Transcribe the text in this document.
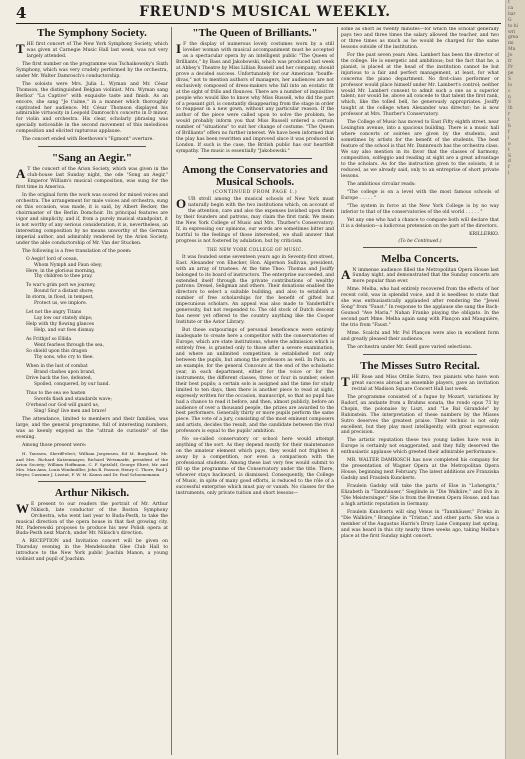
4	FREUND'S MUSICAL WEEKLY.
The Symphony Society.

THE first concert of The New York Symphony Society, which was given at Carnegie Music Hall last week, was not very largely attended.

The first number on the programme was Tschaikowsky's Sixth Symphony, which was very crudely performed by the orchestra, under Mr. Walter Damrosch's conductorship.

The soloists were Mrs. Julia L. Wyman and Mr. César Thomson, the distinguished Belgian violinist. Mrs. Wyman sang Berlioz' "La Captive" with exquisite taste and finish. As an encore, she sang "Je t'aime," in a manner which thoroughly captivated her audience. Mr. César Thomson displayed his admirable virtuosity in Leopold Damrosch's concerto in D minor, for violin and orchestra. His clear, scholarly phrasing was specially noticeable in the second movement of this melodious composition and elicited rapturous applause.

The concert ended with Beethoven's "Egmont" overture.

"Sang an Aegir."

A T the concert of the Arion Society, which was given in the club-house last Sunday night, the ode "Song an Aegir," Emperor William's musical composition, was sung for the first time in America.

In the original form the work was scored for mixed voices and orchestra. The arrangement for male voices and orchestra, sung on this occasion, was made, it is said, by Albert Becker, the choirmaster of the Berlin Domchoir. Its principal features are vigor and simplicity, and if, from a purely musical standpoint, it is not worthy of any serious consideration, it is, nevertheless, an interesting composition by no means unworthy of the German imperial author, and admirably rendered by the Arion Society, under the able conductorship of Mr. Van der Stucken.

The following is a free translation of the poem:

O Aegir! lord of ocean,
Whom Nymph and Faun obey,
Here, in the glorious morning,
Thy children to thee pray.
To war's grim port we journey,
Bound for a distant shore;
In storm, in flood, in tempest,
Protect us, we implore.
Let not the angry Titans
Lay low our stately ships;
Help with thy flowing glances
Help, and our foes dismay.
As Frithjof so Ellida
Went fearless through the sea,
So shield upon this dragon
Thy sons, who cry to thee.
When in the lust of combat
Brand clashes upon brand,
Drive back the foe, defeated,
Spoiled, conquered, by our hand.
Thus to the sea we hasten
Swords flash and standards wave;
O'erhead our God will guard us,
Sing! Sing! live men and brave!

The attendance, limited to members and their families, was large, and the general programme, full of interesting numbers, was as keenly enjoyed as the "attrait de curiosité" of the evening.

Among those present were:

H. Tanssen, Sheriff-elect; William Jorgensen, Ed M. Burghard, Mr. and Mrs. Richard Katzenmayer, Richard Wetzmarkt, president of the Arion Society; William Hoffmann, C. F. Spitzlolf, George Ehret, Mr. and Mrs. Max Ams, Louis Windmüller, John B. Passow, Henry C. Thore, Rud J. Meyer, Cassimir J. Lisstat, F. W. M. Kauns and Dr. Paul Schoenemann.

Arthur Nikisch.

W E present to our readers the portrait of Mr. Arthur Nikisch, late conductor of the Boston Symphony Orchestra, who went last year to Buda-Pesth, to take the musical direction of the opera house in that fast growing city. Mr. Paderewski proposes to produce his new Polish opera at Buda-Pesth next March, under Mr. Nikisch's direction.

A RECEPTION and Invitation concert will be given on Thursday evening in the Mendelssohn Glee Club Hall to introduce to the New York public Joachin Manon, a young violinist and pupil of Joachim.

"The Queen of Brilliants."

I F the display of numerous lovely costumes worn by a still lovelier woman with musical accompaniment must be accepted as a spectacular opera by an intelligent public "The Queen of Brilliants," by Bass and Jakobowski, which was produced last week at Abbey's Theatre by Miss Lillian Russell and her company, should prove a decided success. Unfortunately for our American "bouffe-divas," not to mention authors of managers, her audiences are not exclusively composed of dress-makers who fall into an ecstatic fit at the sight of frills and flounces. There are a number of inquisitive people who would like to know why Miss Russell, who did the part of a peasant girl, is constantly disappearing from the stage in order to reappear in a new gown, without any particular reason. If the author of the piece were called upon to solve the problem, he would probably inform you that Miss Russell ordered a certain number of "situations" to suit her change of costume. "The Queen of Brilliants" offers no further interest. We have been informed that the play has been rewritten and improved since it was produced in London. If such is the case, the British public has our heartfelt sympathy. The music is essentially "Jakobowski."

Among the Conservatories and Musical Schools.
(CONTINUED FROM PAGE 1.)

OUR stroll among the musical schools of New York must naturally begin with the two institutions which, on account of the attention, care and also the expenses lavished upon them by their founders and patrons, may claim the first rank. We mean the New York College of Music and Mrs. Thurber's Conservatory. If, in expressing our opinions, our words are sometimes bitter and hurtful to the feelings of those interested, we shall answer that progress is not fostered by adulation, but by criticism.

THE NEW YORK COLLEGE OF MUSIC.

It was founded some seventeen years ago in Seventy-first street, East. Alexander von Ehecker, Hon. Algernon Sullivan, president, with an array of trustees. At the time Theo. Thomas and Josiffy belonged to its board of instructors. The enterprise succeeded, and extended itself through the private contributions of wealthy patrons: Drexel, Seligman and others. Their donations enabled the directors to select a suitable building, and also to establish a number of free scholarships for the benefit of gifted but impecunious scholars. An appeal was also made to Vanderbilt's generosity, but not responded to. The old stock of Dutch descent has never yet offered to the country anything like the Cooper Institute or the Astor Library.

But these outpourings of personal beneficence were entirely inadequate to create here a competitor with the conservatories of Europe, which are state institutions, where the admission which is entirely free, is granted only to those after a severe examination, and where an unlimited competition is established not only between the pupils, but among the professors as well. In Paris, as an example, for the general Concours at the end of the scholastic year, in each department, either for the voice or for the instruments, the different classes, three or four in number, select their best pupils; a certain solo is assigned and the time for study limited to ten days, then there is another piece to read at sight, expressly written for the occasion, manuscript, so that no pupil has had a chance to read it before, and then, almost publicly, before an audience of over a thousand people, the prizes are awarded to the best performers. Generally thirty or more pupils perform the same piece. The vote of a jury, consisting of the most eminent composers and artists, decides the result, and the candidate between the rival professors is equal to the pupils' ambition.

No so-called conservatory or school here would attempt anything of the sort. As they depend mostly for their maintenance on the amateur element which pays, they would not frighten it away by a competition, nor even a comparison with the professional students. Among these last very few would submit to fill up the programme of the Conservatory under the title. There, whoever stays backward, is dismissed. Consequently, the College of Music, in spite of many good efforts, is reduced to the rôle of a successful enterprise which must pay or vanish. No classes for the instruments, only private tuition and short lessons—

some as short as twenty minutes—for which the scholar generally pays two and three times the salary allowed the teacher, and two or three times as much as he would be charged for the same lessons outside of the institution.

For the past seven years Alex. Lambert has been the director of the college. He is energetic and ambitious; but the fact that he, a pianist, is placed at the head of the institution cannot be but injurious to a fair and perfect management, at least, for what concerns the piano department. No first-class performer or professor would place himself under Mr. Lambert's control; neither would Mr. Lambert consent to admit such a one as a superior talent; nor would he, above all concede to that talent the first rank, which, like the tolled bell, he generously appropriates. Josiffy taught at the college when Alexander was director; he is now professor at Mrs. Thurber's Conservatory.

The College of Music has moved to East Fifty eighth street, near Lexington avenue, into a spacious building. There is a music hall where concerts or soirées are given by the students, and sometimes by artists for the benefit of the students. The best feature of the school is that Mr. Dannreuch has the orchestra class. We say also mention in its favor that the classes of harmony, composition, solfeggio and reading at sight are a great advantage to the scholars. As for the instruction given to the soloists, it is reduced, as we already said, only to an entreprise of short private lessons.

The ambitious circular reads:

"The college is on a level with the most famous schools of Europe . . . . . "

"The system in force at the New York College is by no way inferior to that of the conservatories of the old world . . . . . "

Yet any one who had a chance to compare both will declare that it is a delusion—a ludicrous pretension on the part of the directors.

KRILLERKO.
(To be Continued.)
Melba Concerts.

A N immense audience filled the Metropolitan Opera House last Sunday night, and demonstrated that the Sunday concerts are more popular than ever.

Mme. Melba, who had entirely recovered from the effects of her recent cold, was in splendid voice, and it is needless to state that she was enthusiastically applauded after rendering the "Jewel Song" from "Faust." In response to the applause she sang the Bach-Gounod "Ave Maria," Nahan Franko playing the obligato. In the second part Mme. Melba again sang with Plançon and Mauguière, the trio from "Faust."

Mme. Scalchi and Mr. Pol Plançon were also in excellent form and greatly pleased their audience.

The orchestra under Mr. Seidl gave varied selections.

The Misses Sutro Recital.

THE Rose and Miss Ottilie Sutro, two pianists who have won great success abroad as ensemble players, gave an invitation recital at Madison Square Concert Hall last week.

The programme consisted of a fugue by Mozart, variations by Rudorf, an andante from a Brahms sonata, the rondo opus 73 by Chopin, the polonaise by Liszt, and "Le Bal Girandole" by Rubinstein. The interpretation of these numbers by the Misses Sutro deserves the greatest praise. Their technic is not only excellent, but they play most intelligently, with great expression and precision.

The artistic reputation these two young ladies have won in Europe is certainly not exaggerated, and they fully deserved the enthusiastic applause which greeted their admirable performance.

MR. WALTER DAMROSCH has now completed his company for the presentation of Wagner Opera at the Metropolitan Opera House, beginning next February. The latest additions are Franziska Gadsky and Fraulein Kunckerts.

Fraulein Gadsky will take the parts of Else in "Lohengrin," Elizabeth in "Tannhäuser," Sieglinde in "Die Walküre," and Eva in "Die Meistersinger." She is from the Bremen Opera House, and has a high artistic reputation in Germany.

Fraulein Kunckerts will sing Venus in "Tannhäuser," Frieka in "Die Walküre," Brangäne in "Tristan," and other parts. She was a member of the Augustus Harris's Drury Lane Company last spring, and was heard in this city nearly three weeks ago, taking Melba's place at the first Sunday night concert.

t
ca
bar
G
to hi
wri
grea
mi
Mu
Jo
fr
Pr
pe
S
lo
c
n
S
th
r
t
h
f
i
o
t
S
d
f
i
